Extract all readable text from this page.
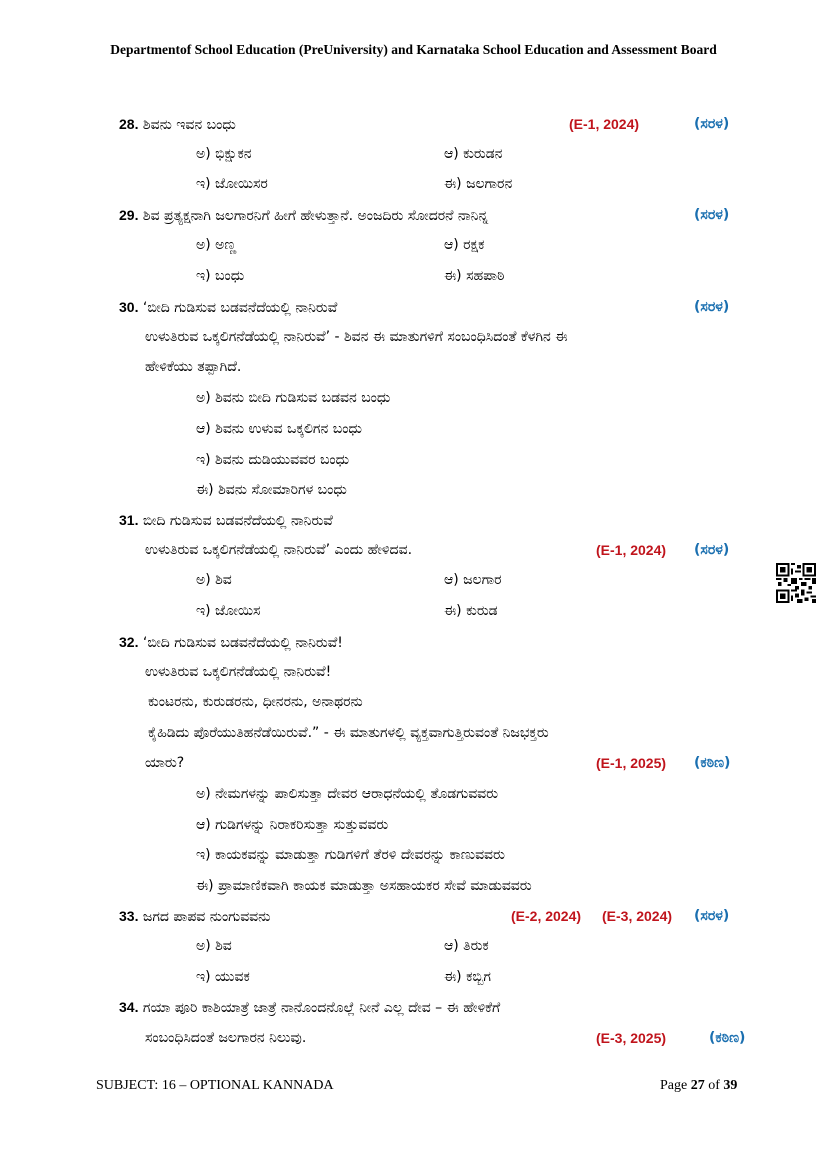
Departmentof School Education (PreUniversity) and Karnataka School Education and Assessment Board
28. ಶಿವನು ಇವನ ಬಂಧು	(E-1, 2024)	(ಸರಳ)
ಅ) ಭಿಕ್ಷುಕನ	ಆ) ಕುರುಡನ
ಇ) ಜೋಯಿಸರ	ಈ) ಜಲಗಾರನ
29. ಶಿವ ಪ್ರತ್ಯಕ್ಷನಾಗಿ ಜಲಗಾರನಿಗೆ ಹೀಗೆ ಹೇಳುತ್ತಾನೆ. ಅಂಜದಿರು ಸೋದರನೆ ನಾನಿನ್ನ	(ಸರಳ)
ಅ) ಅಣ್ಣ	ಆ) ರಕ್ಷಕ
ಇ) ಬಂಧು	ಈ) ಸಹಪಾಠಿ
30. ‘ಬೀದಿ ಗುಡಿಸುವ ಬಡವನೆದೆಯಲ್ಲಿ ನಾನಿರುವೆ	(ಸರಳ)
ಉಳುತಿರುವ ಒಕ್ಕಲಿಗನೆಡೆಯಲ್ಲಿ ನಾನಿರುವೆ’ - ಶಿವನ ಈ ಮಾತುಗಳಿಗೆ ಸಂಬಂಧಿಸಿದಂತೆ ಕೆಳಗಿನ ಈ
ಹೇಳಿಕೆಯು ತಪ್ಪಾಗಿದೆ.
ಅ) ಶಿವನು ಬೀದಿ ಗುಡಿಸುವ ಬಡವನ ಬಂಧು
ಆ) ಶಿವನು ಉಳುವ ಒಕ್ಕಲಿಗನ ಬಂಧು
ಇ) ಶಿವನು ದುಡಿಯುವವರ ಬಂಧು
ಈ) ಶಿವನು ಸೋಮಾರಿಗಳ ಬಂಧು
31. ಬೀದಿ ಗುಡಿಸುವ ಬಡವನೆದೆಯಲ್ಲಿ ನಾನಿರುವೆ
ಉಳುತಿರುವ ಒಕ್ಕಲಿಗನೆಡೆಯಲ್ಲಿ ನಾನಿರುವೆ’ ಎಂದು ಹೇಳಿದವ.	(E-1, 2024) (ಸರಳ)
ಅ) ಶಿವ	ಆ) ಜಲಗಾರ
ಇ) ಜೋಯಿಸ	ಈ) ಕುರುಡ
32. ‘ಬೀದಿ ಗುಡಿಸುವ ಬಡವನೆದೆಯಲ್ಲಿ ನಾನಿರುವೆ!
ಉಳುತಿರುವ ಒಕ್ಕಲಿಗನೆಡೆಯಲ್ಲಿ ನಾನಿರುವೆ!
ಕುಂಟರನು, ಕುರುಡರನು, ಧೀನರನು, ಅನಾಥರನು
ಕೈಹಿಡಿದು ಪೊರೆಯುತಿಹನೆಡೆಯಿರುವೆ.” - ಈ ಮಾತುಗಳಲ್ಲಿ ವ್ಯಕ್ತವಾಗುತ್ತಿರುವಂತೆ ನಿಜಭಕ್ತರು
ಯಾರು?	(E-1, 2025) (ಕಠಿಣ)
ಅ) ನೇಮಗಳನ್ನು ಪಾಲಿಸುತ್ತಾ ದೇವರ ಆರಾಧನೆಯಲ್ಲಿ ತೊಡಗುವವರು
ಆ) ಗುಡಿಗಳನ್ನು ನಿರಾಕರಿಸುತ್ತಾ ಸುತ್ತುವವರು
ಇ) ಕಾಯಕವನ್ನು ಮಾಡುತ್ತಾ ಗುಡಿಗಳಿಗೆ ತೆರಳಿ ದೇವರನ್ನು ಕಾಣುವವರು
ಈ) ಪ್ರಾಮಾಣಿಕವಾಗಿ ಕಾಯಕ ಮಾಡುತ್ತಾ ಅಸಹಾಯಕರ ಸೇವೆ ಮಾಡುವವರು
33. ಜಗದ ಪಾಪವ ನುಂಗುವವನು	(E-2, 2024) (E-3, 2024) (ಸರಳ)
ಅ) ಶಿವ	ಆ) ತಿರುಕ
ಇ) ಯುವಕ	ಈ) ಕಬ್ಬಿಗ
34. ಗಯಾ ಪೂರಿ ಕಾಶಿಯಾತ್ರೆ ಜಾತ್ರೆ ನಾನೊಂದನೊಲ್ಲೆ ನೀನೆ ಎಲ್ಲ ದೇವ – ಈ ಹೇಳಿಕೆಗೆ
ಸಂಬಂಧಿಸಿದಂತೆ ಜಲಗಾರನ ನಿಲುವು.	(E-3, 2025)	(ಕಠಿಣ)
SUBJECT: 16 – OPTIONAL KANNADA	Page 27 of 39
